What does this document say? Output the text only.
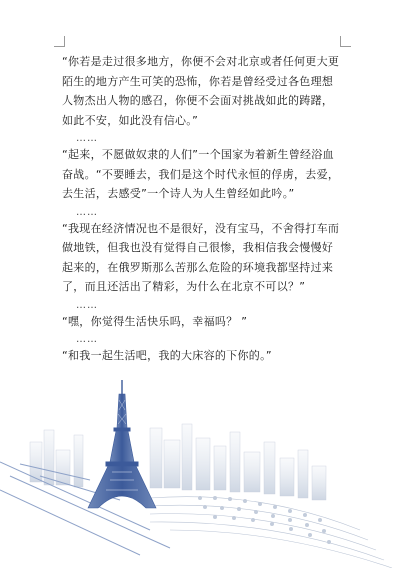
“你若是走过很多地方，你便不会对北京或者任何更大更陌生的地方产生可笑的恐怖，你若是曾经受过各色理想人物杰出人物的感召，你便不会面对挑战如此的踌躇，如此不安，如此没有信心。”

……

“起来，不愿做奴隶的人们”一个国家为着新生曾经浴血奋战。“不要睡去，我们是这个时代永恒的俘虏，去爱，去生活，去感受”一个诗人为人生曾经如此吟。”

……

“我现在经济情况也不是很好，没有宝马，不舍得打车而做地铁，但我也没有觉得自己很惨，我相信我会慢慢好起来的，在俄罗斯那么苦那么危险的环境我都坚持过来了，而且还活出了精彩，为什么在北京不可以？”

……

“嘿，你觉得生活快乐吗，幸福吗？ ”

……

“和我一起生活吧，我的大床容的下你的。”
